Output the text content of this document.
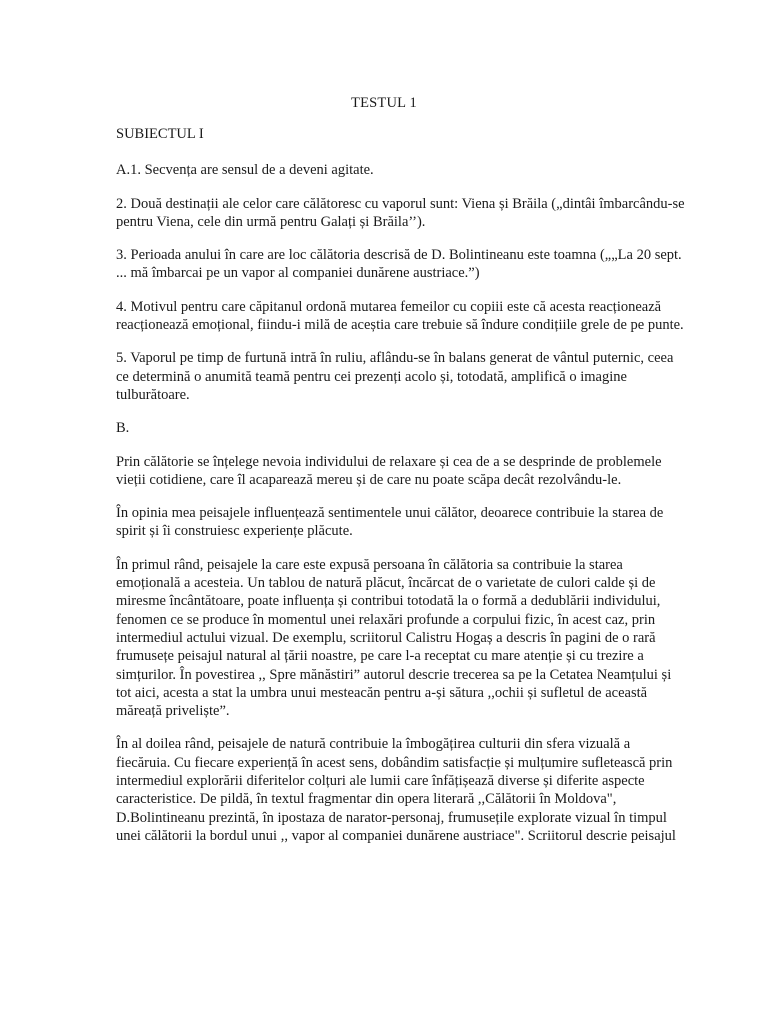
TESTUL 1

SUBIECTUL I

A.1. Secvența are sensul de a deveni agitate.

2. Două destinații ale celor care călătoresc cu vaporul sunt: Viena și Brăila („dintâi îmbarcându-se pentru Viena, cele din urmă pentru Galați și Brăila’’).

3. Perioada anului în care are loc călătoria descrisă de D. Bolintineanu este toamna („„La 20 sept. ... mă îmbarcai pe un vapor al companiei dunărene austriace.”)

4. Motivul pentru care căpitanul ordonă mutarea femeilor cu copiii este că acesta reacționează reacționează emoțional, fiindu-i milă de aceștia care trebuie să îndure condițiile grele de pe punte.

5. Vaporul pe timp de furtună intră în ruliu, aflându-se în balans generat de vântul puternic, ceea ce determină o anumită teamă pentru cei prezenți acolo și, totodată, amplifică o imagine tulburătoare.

B.

Prin călătorie se înțelege nevoia individului de relaxare și cea de a se desprinde de problemele vieții cotidiene, care îl acaparează mereu și de care nu poate scăpa decât rezolvându-le.

În opinia mea peisajele influențează sentimentele unui călător, deoarece contribuie la starea de spirit și îi construiesc experiențe plăcute.

În primul rând, peisajele la care este expusă persoana în călătoria sa contribuie la starea emoțională a acesteia. Un tablou de natură plăcut, încărcat de o varietate de culori calde și de miresme încântătoare, poate influența și contribui totodată la o formă a dedublării individului, fenomen ce se produce în momentul unei relaxări profunde a corpului fizic, în acest caz, prin intermediul actului vizual. De exemplu, scriitorul Calistru Hogaș a descris în pagini de o rară frumusețe peisajul natural al țării noastre, pe care l-a receptat cu mare atenție și cu trezire a simțurilor. În povestirea ,, Spre mănăstiri” autorul descrie trecerea sa pe la Cetatea Neamțului și tot aici, acesta a stat la umbra unui mesteacăn pentru a-și sătura ,,ochii și sufletul de această măreață priveliște”.

În al doilea rând, peisajele de natură contribuie la îmbogățirea culturii din sfera vizuală a fiecăruia. Cu fiecare experiență în acest sens, dobândim satisfacție și mulțumire sufletească prin intermediul explorării diferitelor colțuri ale lumii care înfățișează diverse și diferite aspecte caracteristice. De pildă, în textul fragmentar din opera literară ,,Călătorii în Moldova", D.Bolintineanu prezintă, în ipostaza de narator-personaj, frumusețile explorate vizual în timpul unei călătorii la bordul unui ,, vapor al companiei dunărene austriace". Scriitorul descrie peisajul
